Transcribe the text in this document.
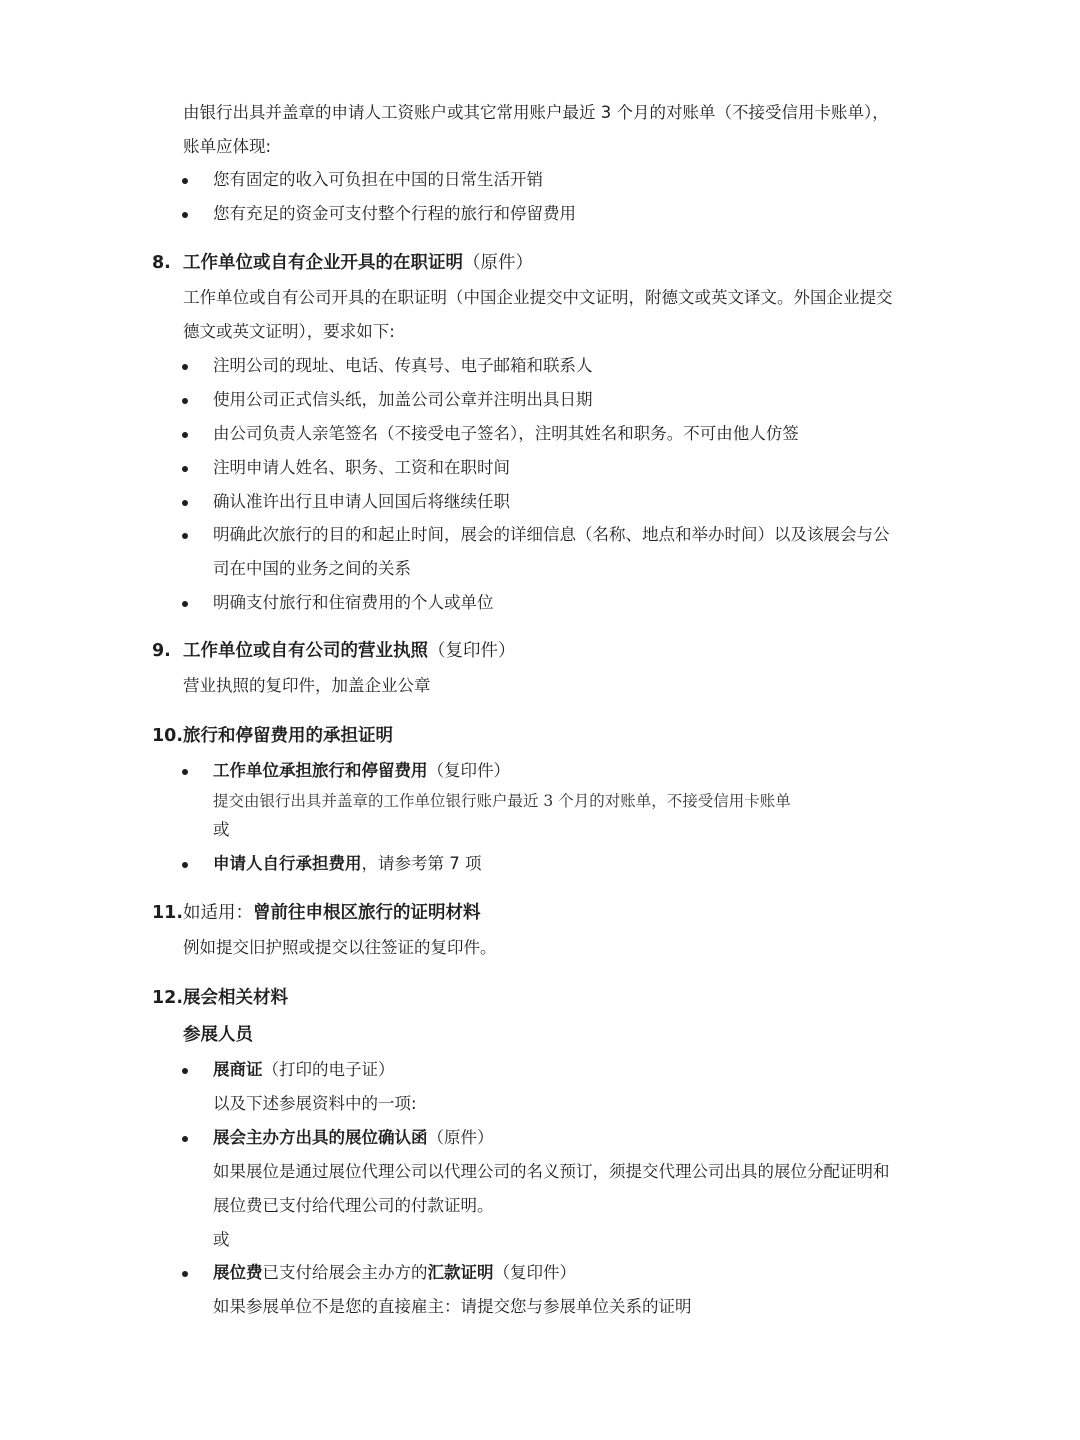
由银行出具并盖章的申请人工资账户或其它常用账户最近 3 个月的对账单（不接受信用卡账单），
账单应体现:
您有固定的收入可负担在中国的日常生活开销
您有充足的资金可支付整个行程的旅行和停留费用
8. 工作单位或自有企业开具的在职证明（原件）
工作单位或自有公司开具的在职证明（中国企业提交中文证明，附德文或英文译文。外国企业提交
德文或英文证明），要求如下:
注明公司的现址、电话、传真号、电子邮箱和联系人
使用公司正式信头纸，加盖公司公章并注明出具日期
由公司负责人亲笔签名（不接受电子签名），注明其姓名和职务。不可由他人仿签
注明申请人姓名、职务、工资和在职时间
确认准许出行且申请人回国后将继续任职
明确此次旅行的目的和起止时间，展会的详细信息（名称、地点和举办时间）以及该展会与公
司在中国的业务之间的关系
明确支付旅行和住宿费用的个人或单位
9. 工作单位或自有公司的营业执照（复印件）
营业执照的复印件，加盖企业公章
10. 旅行和停留费用的承担证明
工作单位承担旅行和停留费用（复印件）
提交由银行出具并盖章的工作单位银行账户最近 3 个月的对账单，不接受信用卡账单
或
申请人自行承担费用，请参考第 7 项
11. 如适用：曾前往申根区旅行的证明材料
例如提交旧护照或提交以往签证的复印件。
12. 展会相关材料
参展人员
展商证（打印的电子证）
以及下述参展资料中的一项:
展会主办方出具的展位确认函（原件）
如果展位是通过展位代理公司以代理公司的名义预订，须提交代理公司出具的展位分配证明和
展位费已支付给代理公司的付款证明。
或
展位费已支付给展会主办方的汇款证明（复印件）
如果参展单位不是您的直接雇主：请提交您与参展单位关系的证明
